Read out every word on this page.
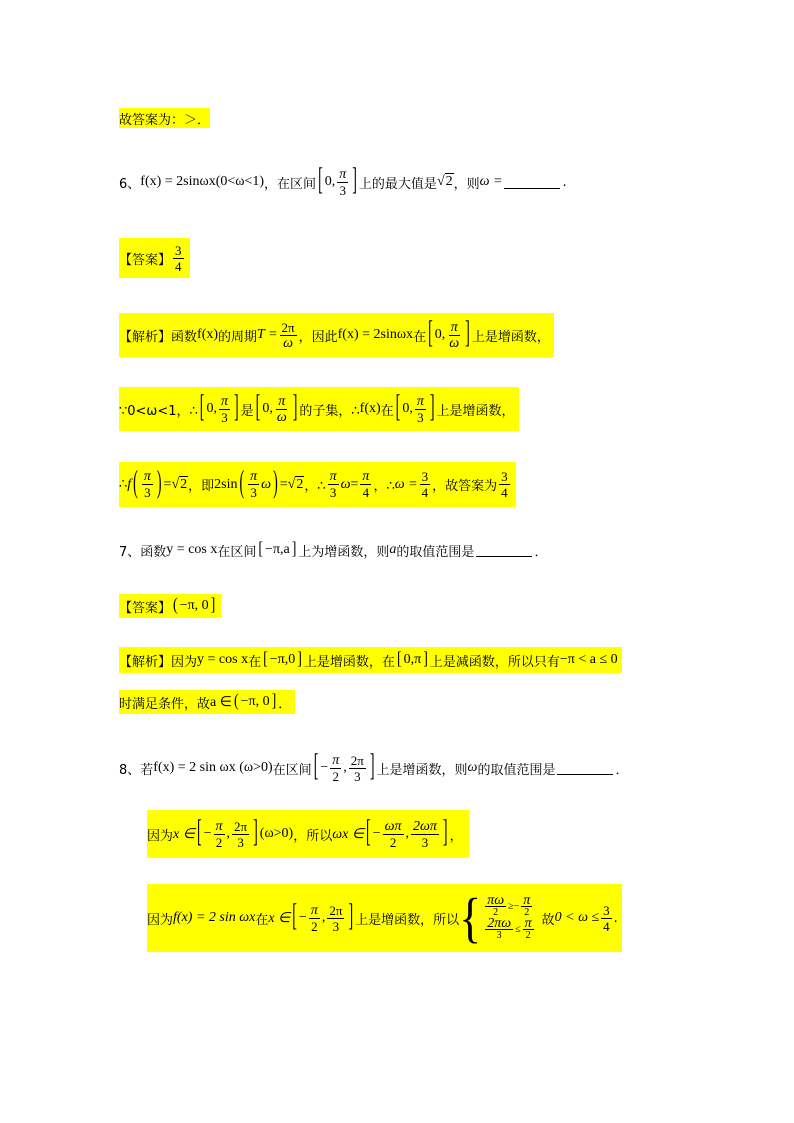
故答案为：＞．
6、 f(x) = 2sinωx(0<ω<1) ，在区间 [ 0, $\frac{\pi}{3}$ ] 上的最大值是 √2 ，则 ω =	.
【答案】 $\frac{3}{4}$
【解析】 函数 f(x) 的周期 $T = \frac{2\pi}{\omega}$ ，因此 f(x) = 2sinωx 在 [ 0, $\frac{\pi}{\omega}$ ] 上是增函数，
∵0<ω<1，∴ [ 0, $\frac{\pi}{3}$ ] 是 [ 0, $\frac{\pi}{\omega}$ ] 的子集，∴ f(x) 在 [ 0, $\frac{\pi}{3}$ ] 上是增函数，
∴ f ( $\frac{\pi}{3}$ ) = √2 ，即 2sin ( $\frac{\pi}{3}$ ω ) = √2 ，∴ $\frac{\pi}{3}$ $\omega = \frac{\pi}{4}$ ，∴ $\omega = \frac{3}{4}$ ，故答案为 $\frac{3}{4}$
7、 函数 y = cos x 在区间 [ −π,a ] 上为增函数，则 a 的取值范围是	．
【答案】 ( −π, 0 ]
【解析】 因为 y = cos x 在 [ −π,0 ] 上是增函数，在 [ 0,π ] 上是减函数，所以只有 −π < a ≤ 0
时满足条件，故 a ∈ ( −π, 0 ] ．
8、 若 f(x) = 2 sin ωx (ω>0) 在区间 [ − $\frac{\pi}{2}$ , $\frac{2\pi}{3}$ ] 上是增函数，则 ω 的取值范围是	．
因为 x ∈ [ − $\frac{\pi}{2}$ , $\frac{2\pi}{3}$ ] (ω>0) ，所以 ωx ∈ [ − $\frac{\omega\pi}{2}$ , $\frac{2\omega\pi}{3}$ ] ，
因为 f(x) = 2 sin ωx 在 x ∈ [ − $\frac{\pi}{2}$ , $\frac{2\pi}{3}$ ] 上是增函数，所以 { $\frac{\pi\omega}{2} \ge- \frac{\pi}{2}$
$\frac{2\pi\omega}{3} \le \frac{\pi}{2}$ 故 $0 < \omega \le \frac{3}{4}$ .
